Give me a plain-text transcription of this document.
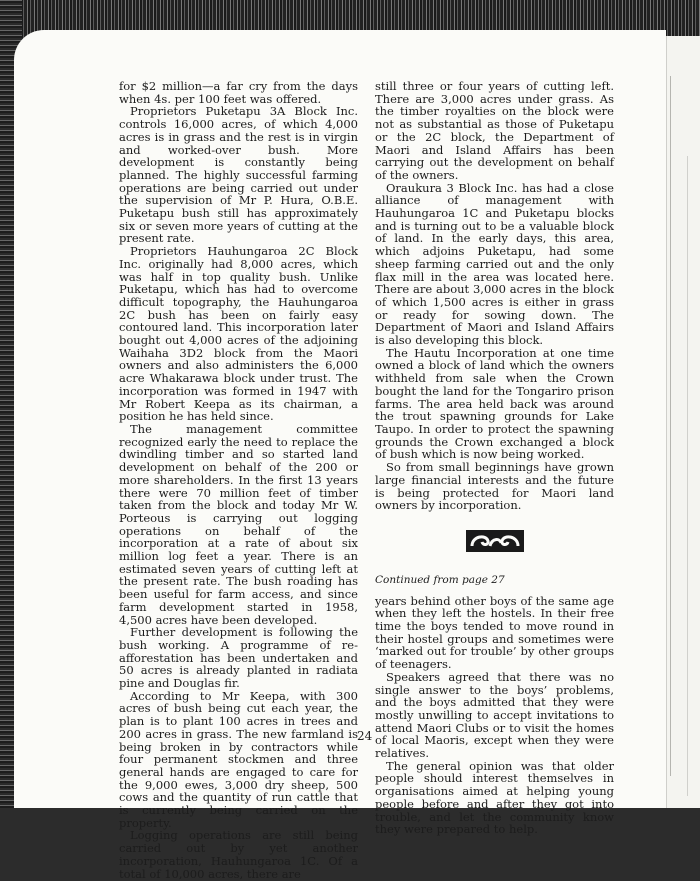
for $2 million—a far cry from the days when 4s. per 100 feet was offered.

Proprietors Puketapu 3A Block Inc. controls 16,000 acres, of which 4,000 acres is in grass and the rest is in virgin and worked-over bush. More development is constantly being planned. The highly successful farming operations are being carried out under the supervision of Mr P. Hura, O.B.E. Puketapu bush still has approximately six or seven more years of cutting at the present rate.

Proprietors Hauhungaroa 2C Block Inc. originally had 8,000 acres, which was half in top quality bush. Unlike Puketapu, which has had to overcome difficult topography, the Hauhungaroa 2C bush has been on fairly easy contoured land. This incorporation later bought out 4,000 acres of the adjoining Waihaha 3D2 block from the Maori owners and also administers the 6,000 acre Whakarawa block under trust. The incorporation was formed in 1947 with Mr Robert Keepa as its chairman, a position he has held since.

The management committee recognized early the need to replace the dwindling timber and so started land development on behalf of the 200 or more shareholders. In the first 13 years there were 70 million feet of timber taken from the block and today Mr W. Porteous is carrying out logging operations on behalf of the incorporation at a rate of about six million log feet a year. There is an estimated seven years of cutting left at the present rate. The bush roading has been useful for farm access, and since farm development started in 1958, 4,500 acres have been developed.

Further development is following the bush working. A programme of re-afforestation has been undertaken and 50 acres is already planted in radiata pine and Douglas fir.

According to Mr Keepa, with 300 acres of bush being cut each year, the plan is to plant 100 acres in trees and 200 acres in grass. The new farmland is being broken in by contractors while four permanent stockmen and three general hands are engaged to care for the 9,000 ewes, 3,000 dry sheep, 500 cows and the quantity of run cattle that is currently being carried on the property.

Logging operations are still being carried out by yet another incorporation, Hauhungaroa 1C. Of a total of 10,000 acres, there are

still three or four years of cutting left. There are 3,000 acres under grass. As the timber royalties on the block were not as substantial as those of Puketapu or the 2C block, the Department of Maori and Island Affairs has been carrying out the development on behalf of the owners.

Oraukura 3 Block Inc. has had a close alliance of management with Hauhungaroa 1C and Puketapu blocks and is turning out to be a valuable block of land. In the early days, this area, which adjoins Puketapu, had some sheep farming carried out and the only flax mill in the area was located here. There are about 3,000 acres in the block of which 1,500 acres is either in grass or ready for sowing down. The Department of Maori and Island Affairs is also developing this block.

The Hautu Incorporation at one time owned a block of land which the owners withheld from sale when the Crown bought the land for the Tongariro prison farms. The area held back was around the trout spawning grounds for Lake Taupo. In order to protect the spawning grounds the Crown exchanged a block of bush which is now being worked.

So from small beginnings have grown large financial interests and the future is being protected for Maori land owners by incorporation.

Continued from page 27

years behind other boys of the same age when they left the hostels. In their free time the boys tended to move round in their hostel groups and sometimes were ‘marked out for trouble’ by other groups of teenagers.

Speakers agreed that there was no single answer to the boys’ problems, and the boys admitted that they were mostly unwilling to accept invitations to attend Maori Clubs or to visit the homes of local Maoris, except when they were relatives.

The general opinion was that older people should interest themselves in organisations aimed at helping young people before and after they got into trouble, and let the community know they were prepared to help.

24
